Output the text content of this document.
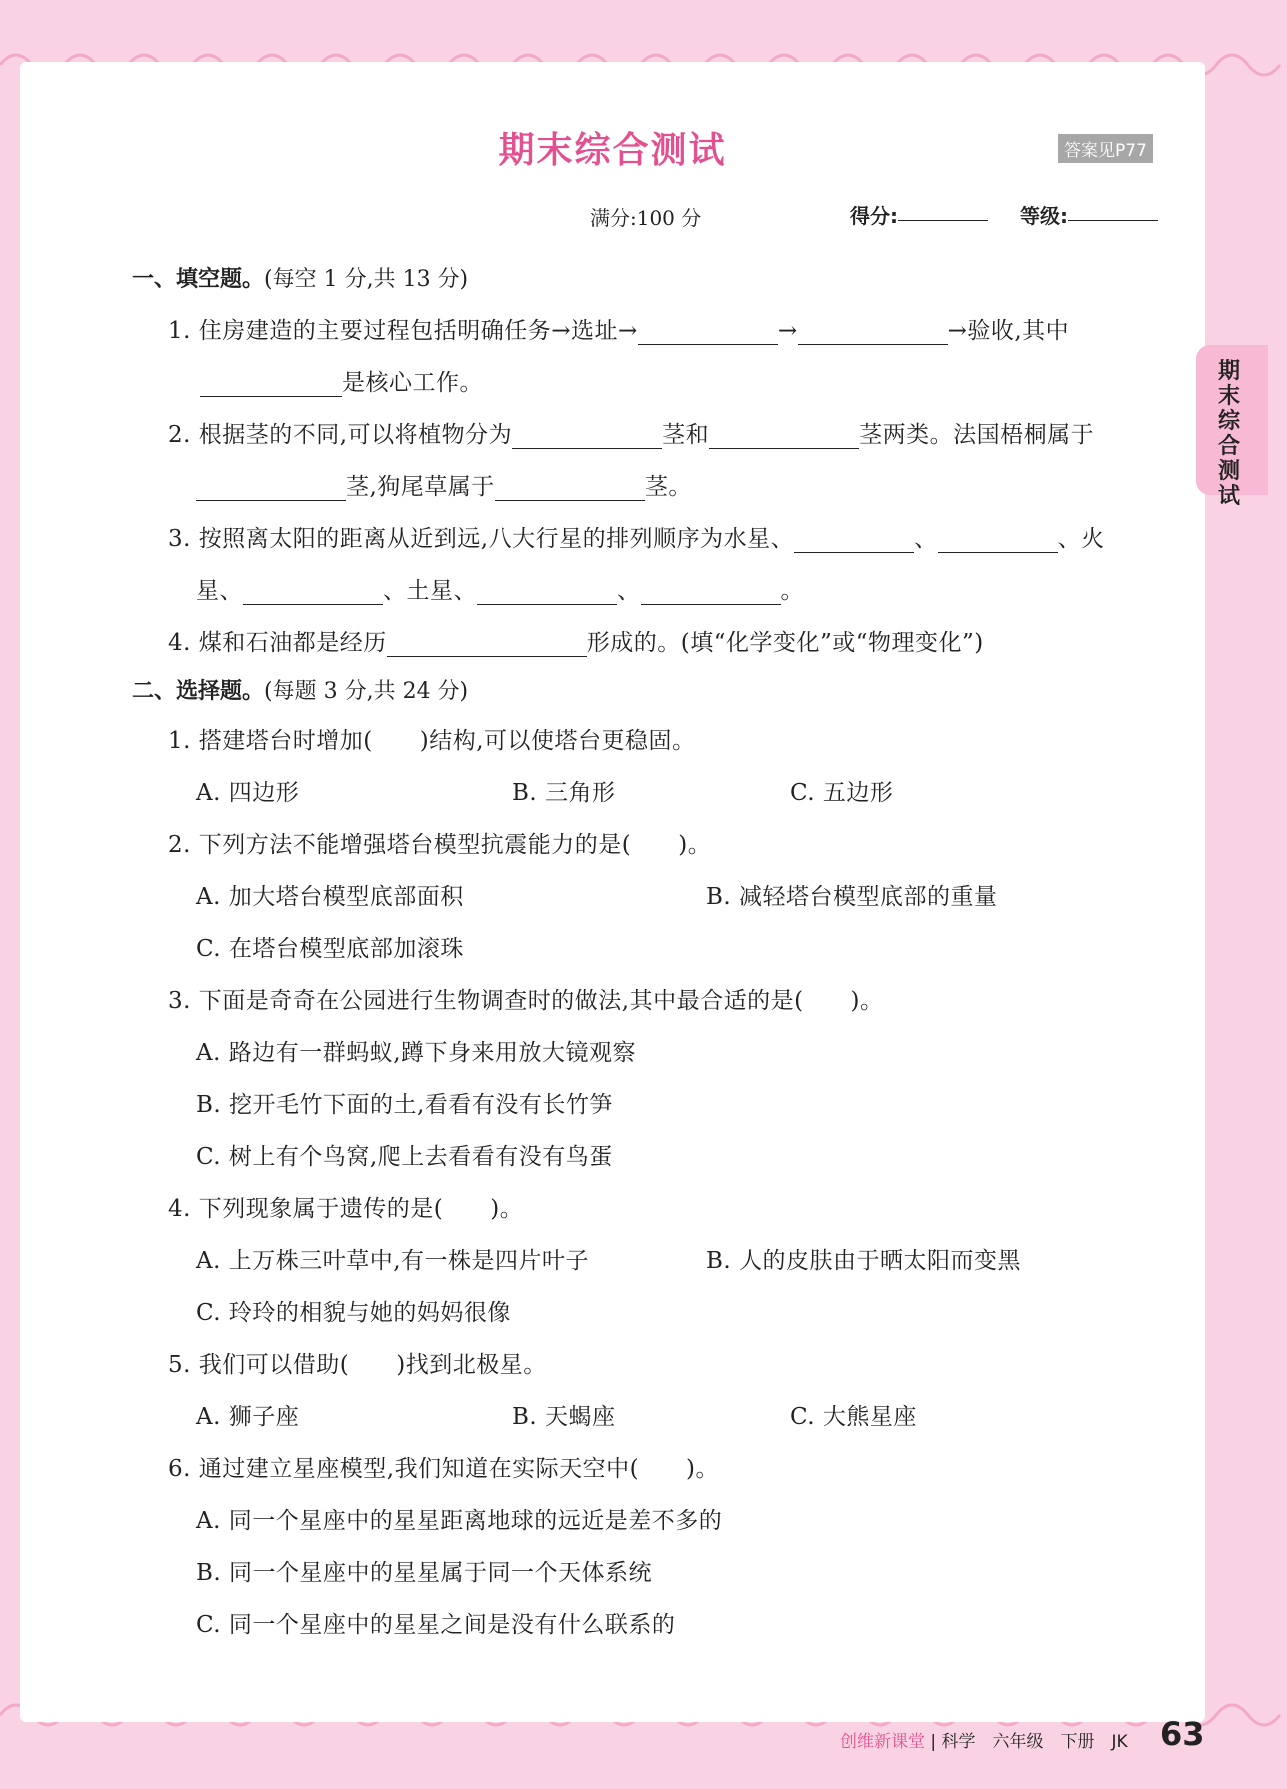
期末综合测试	答案见P77
满分:100 分	得分:	等级:
一、填空题。(每空 1 分,共 13 分)
1. 住房建造的主要过程包括明确任务→选址→	→	→验收,其中
是核心工作。
2. 根据茎的不同,可以将植物分为	茎和	茎两类。法国梧桐属于
茎,狗尾草属于	茎。
3. 按照离太阳的距离从近到远,八大行星的排列顺序为水星、	、	、火
星、	、土星、	、	。
4. 煤和石油都是经历	形成的。(填“化学变化”或“物理变化”)
二、选择题。(每题 3 分,共 24 分)
1. 搭建塔台时增加(　　)结构,可以使塔台更稳固。
A. 四边形	B. 三角形	C. 五边形
2. 下列方法不能增强塔台模型抗震能力的是(　　)。
A. 加大塔台模型底部面积	B. 减轻塔台模型底部的重量
C. 在塔台模型底部加滚珠
3. 下面是奇奇在公园进行生物调查时的做法,其中最合适的是(　　)。
A. 路边有一群蚂蚁,蹲下身来用放大镜观察
B. 挖开毛竹下面的土,看看有没有长竹笋
C. 树上有个鸟窝,爬上去看看有没有鸟蛋
4. 下列现象属于遗传的是(　　)。
A. 上万株三叶草中,有一株是四片叶子	B. 人的皮肤由于晒太阳而变黑
C. 玲玲的相貌与她的妈妈很像
5. 我们可以借助(　　)找到北极星。
A. 狮子座	B. 天蝎座	C. 大熊星座
6. 通过建立星座模型,我们知道在实际天空中(　　)。
A. 同一个星座中的星星距离地球的远近是差不多的
B. 同一个星座中的星星属于同一个天体系统
C. 同一个星座中的星星之间是没有什么联系的
创维新课堂 | 科学　六年级　下册　JK 63
期末综合测试
